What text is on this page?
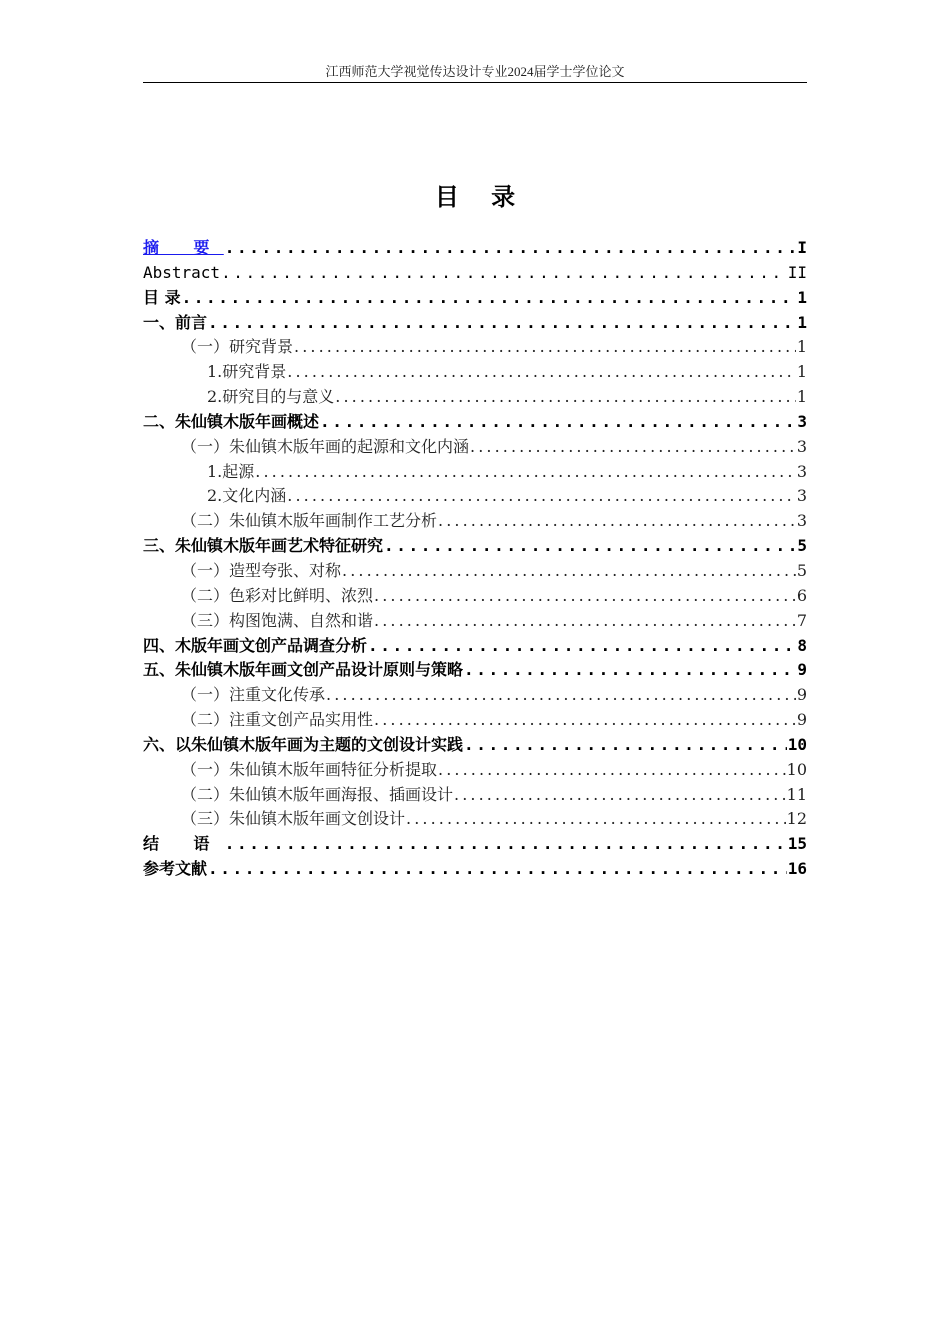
江西师范大学视觉传达设计专业2024届学士学位论文
目 录
摘 要 .....	I
Abstract .....	II
目 录 .....	1
一、前言 .....	1
（一）研究背景 .....	1
1.研究背景 .....	1
2.研究目的与意义 .....	1
二、朱仙镇木版年画概述 .....	3
（一）朱仙镇木版年画的起源和文化内涵 .....	3
1.起源 .....	3
2.文化内涵 .....	3
（二）朱仙镇木版年画制作工艺分析 .....	3
三、朱仙镇木版年画艺术特征研究 .....	5
（一）造型夸张、对称 .....	5
（二）色彩对比鲜明、浓烈 .....	6
（三）构图饱满、自然和谐 .....	7
四、木版年画文创产品调查分析 .....	8
五、朱仙镇木版年画文创产品设计原则与策略 .....	9
（一）注重文化传承 .....	9
（二）注重文创产品实用性 .....	9
六、以朱仙镇木版年画为主题的文创设计实践 .....	10
（一）朱仙镇木版年画特征分析提取 .....	10
（二）朱仙镇木版年画海报、插画设计 .....	11
（三）朱仙镇木版年画文创设计 .....	12
结 语 .....	15
参考文献 .....	16
